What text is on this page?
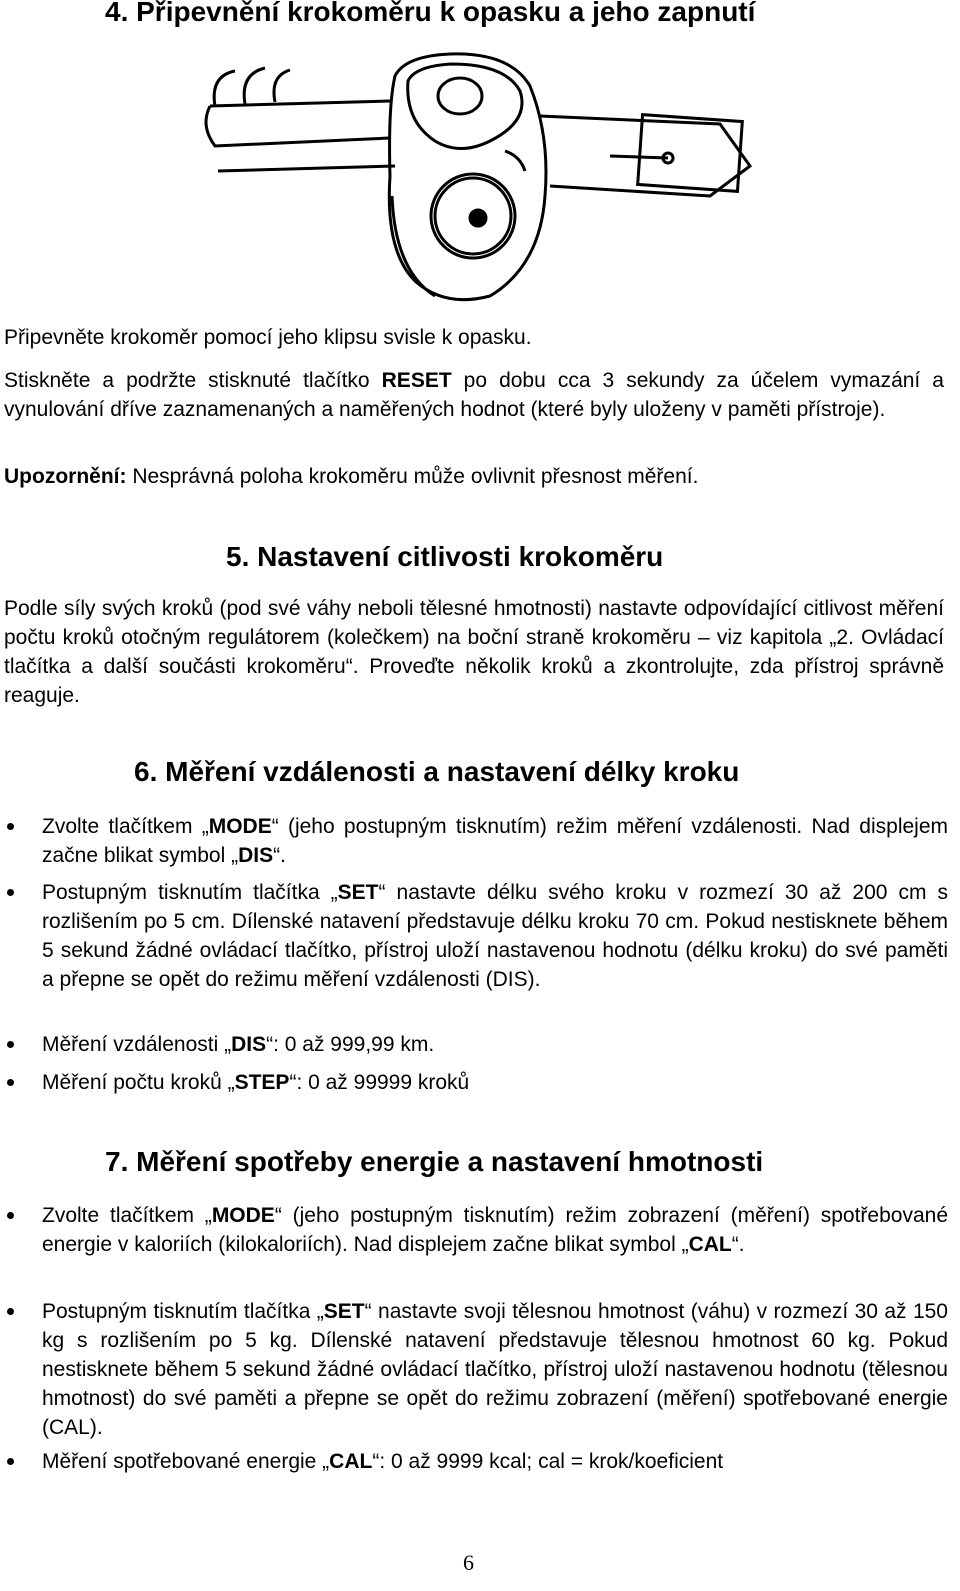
4. Připevnění krokoměru k opasku a jeho zapnutí
Připevněte krokoměr pomocí jeho klipsu svisle k opasku.
Stiskněte a podržte stisknuté tlačítko RESET po dobu cca 3 sekundy za účelem vymazání a vynulování dříve zaznamenaných a naměřených hodnot (které byly uloženy v paměti přístroje).
Upozornění: Nesprávná poloha krokoměru může ovlivnit přesnost měření.
5. Nastavení citlivosti krokoměru
Podle síly svých kroků (pod své váhy neboli tělesné hmotnosti) nastavte odpovídající citlivost měření počtu kroků otočným regulátorem (kolečkem) na boční straně krokoměru – viz kapitola „2. Ovládací tlačítka a další součásti krokoměru“. Proveďte několik kroků a zkontrolujte, zda přístroj správně reaguje.
6. Měření vzdálenosti a nastavení délky kroku
Zvolte tlačítkem „MODE“ (jeho postupným tisknutím) režim měření vzdálenosti. Nad displejem začne blikat symbol „DIS“.
Postupným tisknutím tlačítka „SET“ nastavte délku svého kroku v rozmezí 30 až 200 cm s rozlišením po 5 cm. Dílenské natavení představuje délku kroku 70 cm. Pokud nestisknete během 5 sekund žádné ovládací tlačítko, přístroj uloží nastavenou hodnotu (délku kroku) do své paměti a přepne se opět do režimu měření vzdálenosti (DIS).
Měření vzdálenosti „DIS“: 0 až 999,99 km.
Měření počtu kroků „STEP“: 0 až 99999 kroků
7. Měření spotřeby energie a nastavení hmotnosti
Zvolte tlačítkem „MODE“ (jeho postupným tisknutím) režim zobrazení (měření) spotřebované energie v kaloriích (kilokaloriích). Nad displejem začne blikat symbol „CAL“.
Postupným tisknutím tlačítka „SET“ nastavte svoji tělesnou hmotnost (váhu) v rozmezí 30 až 150 kg s rozlišením po 5 kg. Dílenské natavení představuje tělesnou hmotnost 60 kg. Pokud nestisknete během 5 sekund žádné ovládací tlačítko, přístroj uloží nastavenou hodnotu (tělesnou hmotnost) do své paměti a přepne se opět do režimu zobrazení (měření) spotřebované energie (CAL).
Měření spotřebované energie „CAL“: 0 až 9999 kcal; cal = krok/koeficient
6
